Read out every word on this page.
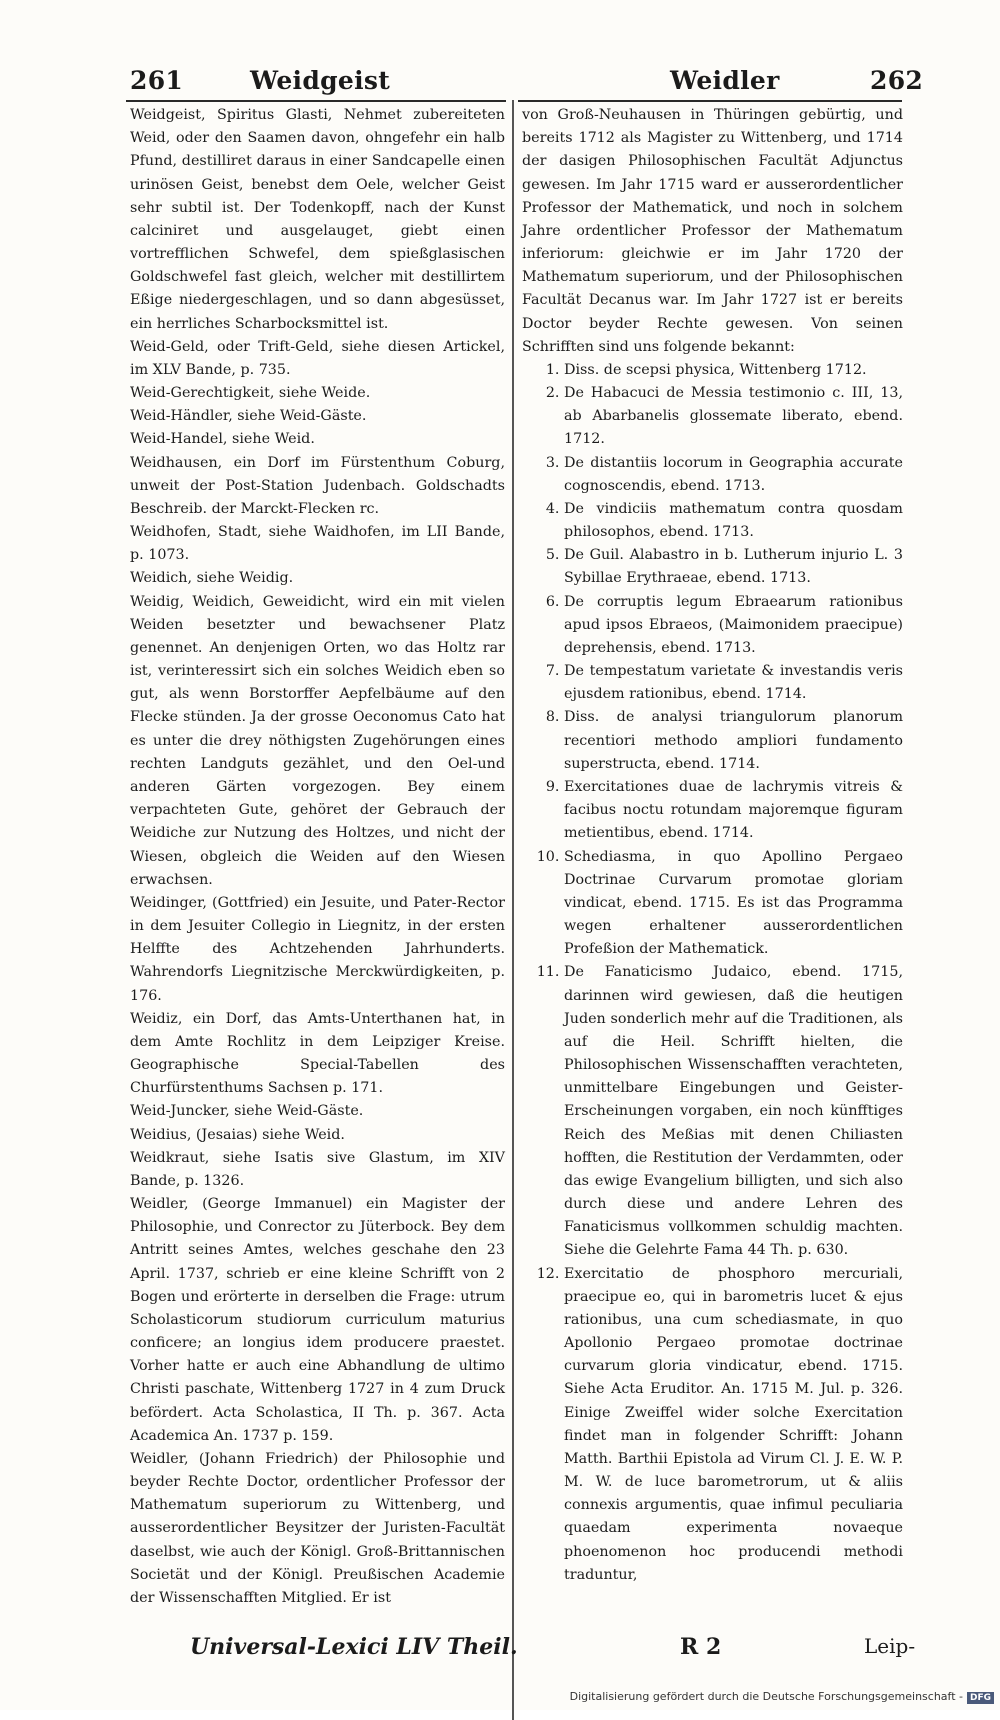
261	Weidgeist	Weidler	262

Weidgeist, Spiritus Glasti, Nehmet zubereiteten Weid, oder den Saamen davon, ohngefehr ein halb Pfund, destilliret daraus in einer Sandcapelle einen urinösen Geist, benebst dem Oele, welcher Geist sehr subtil ist. Der Todenkopff, nach der Kunst calciniret und ausgelauget, giebt einen vortrefflichen Schwefel, dem spießglasischen Goldschwefel fast gleich, welcher mit destillirtem Eßige niedergeschlagen, und so dann abgesüsset, ein herrliches Scharbocksmittel ist.

Weid-Geld, oder Trift-Geld, siehe diesen Artickel, im XLV Bande, p. 735.

Weid-Gerechtigkeit, siehe Weide.

Weid-Händler, siehe Weid-Gäste.

Weid-Handel, siehe Weid.

Weidhausen, ein Dorf im Fürstenthum Coburg, unweit der Post-Station Judenbach. Goldschadts Beschreib. der Marckt-Flecken rc.

Weidhofen, Stadt, siehe Waidhofen, im LII Bande, p. 1073.

Weidich, siehe Weidig.

Weidig, Weidich, Geweidicht, wird ein mit vielen Weiden besetzter und bewachsener Platz genennet. An denjenigen Orten, wo das Holtz rar ist, verinteressirt sich ein solches Weidich eben so gut, als wenn Borstorffer Aepfelbäume auf den Flecke stünden. Ja der grosse Oeconomus Cato hat es unter die drey nöthigsten Zugehörungen eines rechten Landguts gezählet, und den Oel-und anderen Gärten vorgezogen. Bey einem verpachteten Gute, gehöret der Gebrauch der Weidiche zur Nutzung des Holtzes, und nicht der Wiesen, obgleich die Weiden auf den Wiesen erwachsen.

Weidinger, (Gottfried) ein Jesuite, und Pater-Rector in dem Jesuiter Collegio in Liegnitz, in der ersten Helffte des Achtzehenden Jahrhunderts. Wahrendorfs Liegnitzische Merckwürdigkeiten, p. 176.

Weidiz, ein Dorf, das Amts-Unterthanen hat, in dem Amte Rochlitz in dem Leipziger Kreise. Geographische Special-Tabellen des Churfürstenthums Sachsen p. 171.

Weid-Juncker, siehe Weid-Gäste.

Weidius, (Jesaias) siehe Weid.

Weidkraut, siehe Isatis sive Glastum, im XIV Bande, p. 1326.

Weidler, (George Immanuel) ein Magister der Philosophie, und Conrector zu Jüterbock. Bey dem Antritt seines Amtes, welches geschahe den 23 April. 1737, schrieb er eine kleine Schrifft von 2 Bogen und erörterte in derselben die Frage: utrum Scholasticorum studiorum curriculum maturius conficere; an longius idem producere praestet. Vorher hatte er auch eine Abhandlung de ultimo Christi paschate, Wittenberg 1727 in 4 zum Druck befördert. Acta Scholastica, II Th. p. 367. Acta Academica An. 1737 p. 159.

Weidler, (Johann Friedrich) der Philosophie und beyder Rechte Doctor, ordentlicher Professor der Mathematum superiorum zu Wittenberg, und ausserordentlicher Beysitzer der Juristen-Facultät daselbst, wie auch der Königl. Groß-Brittannischen Societät und der Königl. Preußischen Academie der Wissenschafften Mitglied. Er ist

von Groß-Neuhausen in Thüringen gebürtig, und bereits 1712 als Magister zu Wittenberg, und 1714 der dasigen Philosophischen Facultät Adjunctus gewesen. Im Jahr 1715 ward er ausserordentlicher Professor der Mathematick, und noch in solchem Jahre ordentlicher Professor der Mathematum inferiorum: gleichwie er im Jahr 1720 der Mathematum superiorum, und der Philosophischen Facultät Decanus war. Im Jahr 1727 ist er bereits Doctor beyder Rechte gewesen. Von seinen Schrifften sind uns folgende bekannt:

1. Diss. de scepsi physica, Wittenberg 1712.
2. De Habacuci de Messia testimonio c. III, 13, ab Abarbanelis glossemate liberato, ebend. 1712.
3. De distantiis locorum in Geographia accurate cognoscendis, ebend. 1713.
4. De vindiciis mathematum contra quosdam philosophos, ebend. 1713.
5. De Guil. Alabastro in b. Lutherum injurio L. 3 Sybillae Erythraeae, ebend. 1713.
6. De corruptis legum Ebraearum rationibus apud ipsos Ebraeos, (Maimonidem praecipue) deprehensis, ebend. 1713.
7. De tempestatum varietate & investandis veris ejusdem rationibus, ebend. 1714.
8. Diss. de analysi triangulorum planorum recentiori methodo ampliori fundamento superstructa, ebend. 1714.
9. Exercitationes duae de lachrymis vitreis & facibus noctu rotundam majoremque figuram metientibus, ebend. 1714.
10. Schediasma, in quo Apollino Pergaeo Doctrinae Curvarum promotae gloriam vindicat, ebend. 1715. Es ist das Programma wegen erhaltener ausserordentlichen Profeßion der Mathematick.
11. De Fanaticismo Judaico, ebend. 1715, darinnen wird gewiesen, daß die heutigen Juden sonderlich mehr auf die Traditionen, als auf die Heil. Schrifft hielten, die Philosophischen Wissenschafften verachteten, unmittelbare Eingebungen und Geister-Erscheinungen vorgaben, ein noch künfftiges Reich des Meßias mit denen Chiliasten hofften, die Restitution der Verdammten, oder das ewige Evangelium billigten, und sich also durch diese und andere Lehren des Fanaticismus vollkommen schuldig machten. Siehe die Gelehrte Fama 44 Th. p. 630.
12. Exercitatio de phosphoro mercuriali, praecipue eo, qui in barometris lucet & ejus rationibus, una cum schediasmate, in quo Apollonio Pergaeo promotae doctrinae curvarum gloria vindicatur, ebend. 1715. Siehe Acta Eruditor. An. 1715 M. Jul. p. 326. Einige Zweiffel wider solche Exercitation findet man in folgender Schrifft: Johann Matth. Barthii Epistola ad Virum Cl. J. E. W. P. M. W. de luce barometrorum, ut & aliis connexis argumentis, quae infimul peculiaria quaedam experimenta novaeque phoenomenon hoc producendi methodi traduntur,
Universal-Lexici LIV Theil.	R 2	Leip-
Digitalisierung gefördert durch die Deutsche Forschungsgemeinschaft - DFG
